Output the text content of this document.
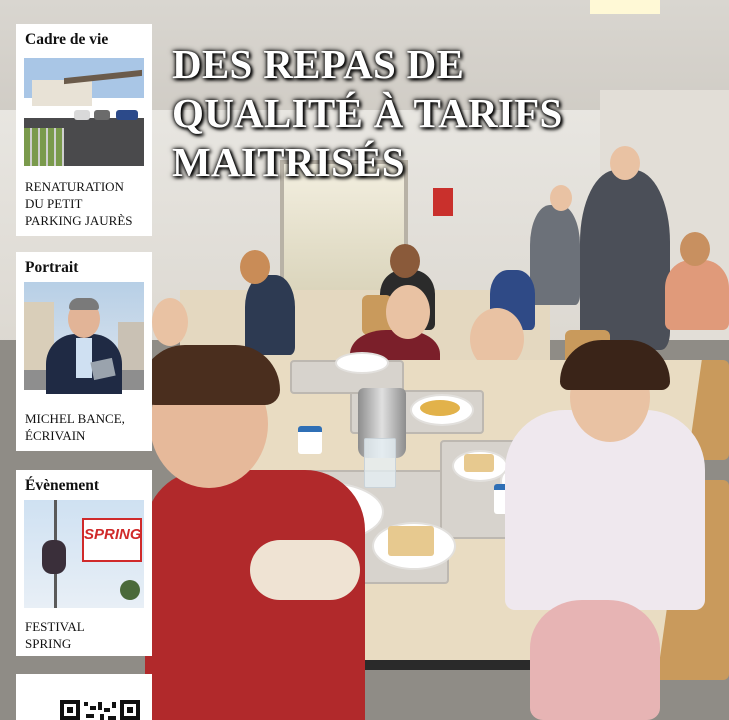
DES REPAS DE
QUALITÉ À TARIFS
MAITRISÉS
Cadre de vie
RENATURATION
DU PETIT
PARKING JAURÈS
Portrait
MICHEL BANCE,
ÉCRIVAIN
Évènement
SPRING
FESTIVAL
SPRING
